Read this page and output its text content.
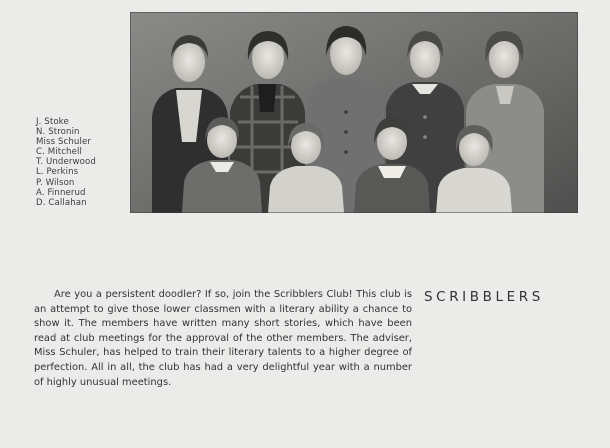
J. Stoke
N. Stronin
Miss Schuler
C. Mitchell
T. Underwood
L. Perkins
P. Wilson
A. Finnerud
D. Callahan

Are you a persistent doodler? If so, join the Scribblers Club! This club is an attempt to give those lower classmen with a literary ability a chance to show it. The members have written many short stories, which have been read at club meetings for the approval of the other members. The adviser, Miss Schuler, has helped to train their literary talents to a higher degree of perfection. All in all, the club has had a very delightful year with a number of highly unusual meetings.

SCRIBBLERS
